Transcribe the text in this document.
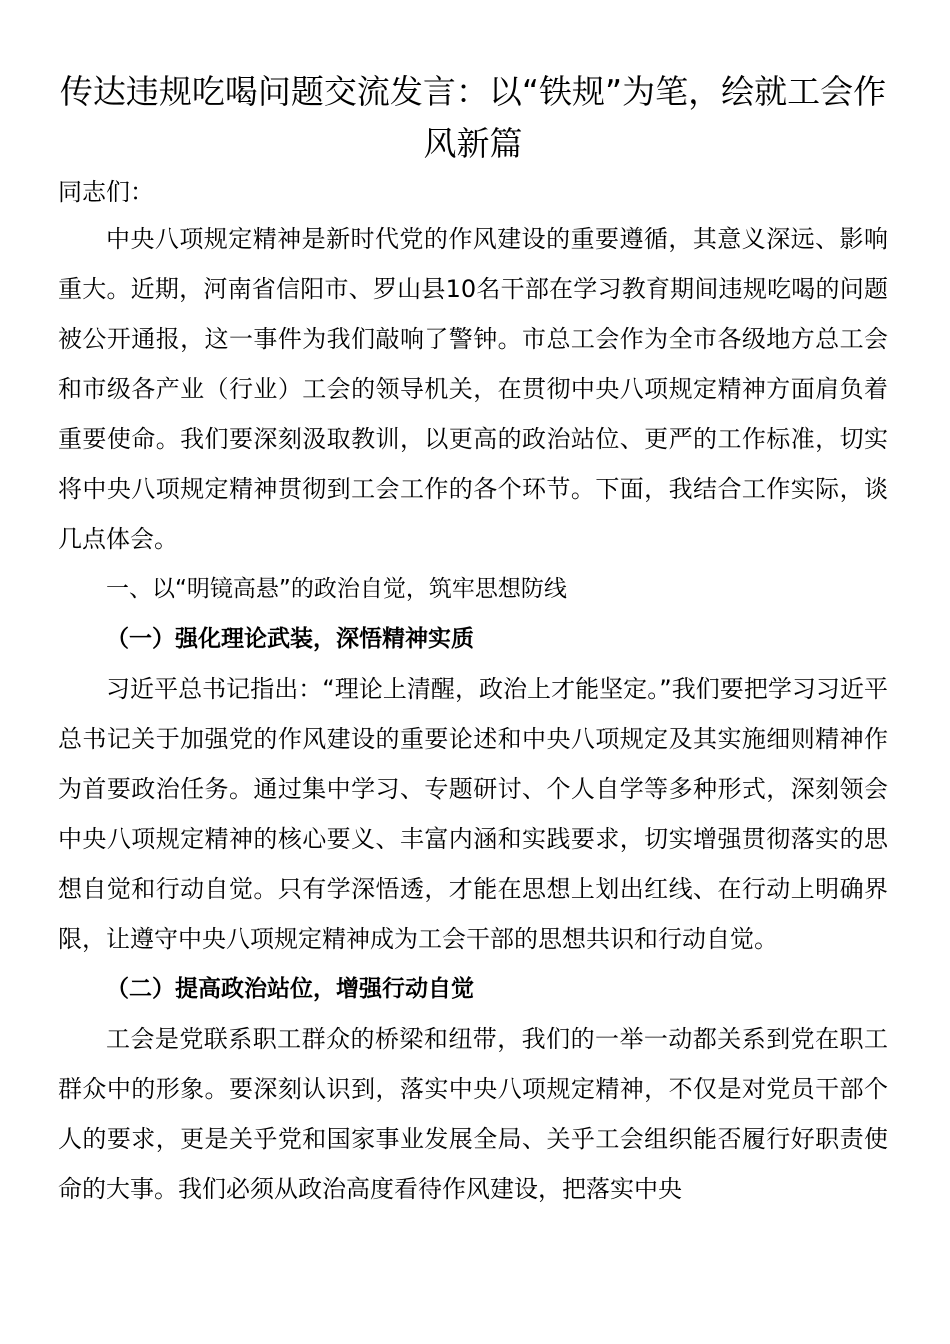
传达违规吃喝问题交流发言：以“铁规”为笔，绘就工会作风新篇

同志们：

中央八项规定精神是新时代党的作风建设的重要遵循，其意义深远、影响重大。近期，河南省信阳市、罗山县10名干部在学习教育期间违规吃喝的问题被公开通报，这一事件为我们敲响了警钟。市总工会作为全市各级地方总工会和市级各产业（行业）工会的领导机关，在贯彻中央八项规定精神方面肩负着重要使命。我们要深刻汲取教训，以更高的政治站位、更严的工作标准，切实将中央八项规定精神贯彻到工会工作的各个环节。下面，我结合工作实际，谈几点体会。

一、以“明镜高悬”的政治自觉，筑牢思想防线

（一）强化理论武装，深悟精神实质

习近平总书记指出：“理论上清醒，政治上才能坚定。”我们要把学习习近平总书记关于加强党的作风建设的重要论述和中央八项规定及其实施细则精神作为首要政治任务。通过集中学习、专题研讨、个人自学等多种形式，深刻领会中央八项规定精神的核心要义、丰富内涵和实践要求，切实增强贯彻落实的思想自觉和行动自觉。只有学深悟透，才能在思想上划出红线、在行动上明确界限，让遵守中央八项规定精神成为工会干部的思想共识和行动自觉。

（二）提高政治站位，增强行动自觉

工会是党联系职工群众的桥梁和纽带，我们的一举一动都关系到党在职工群众中的形象。要深刻认识到，落实中央八项规定精神，不仅是对党员干部个人的要求，更是关乎党和国家事业发展全局、关乎工会组织能否履行好职责使命的大事。我们必须从政治高度看待作风建设，把落实中央
